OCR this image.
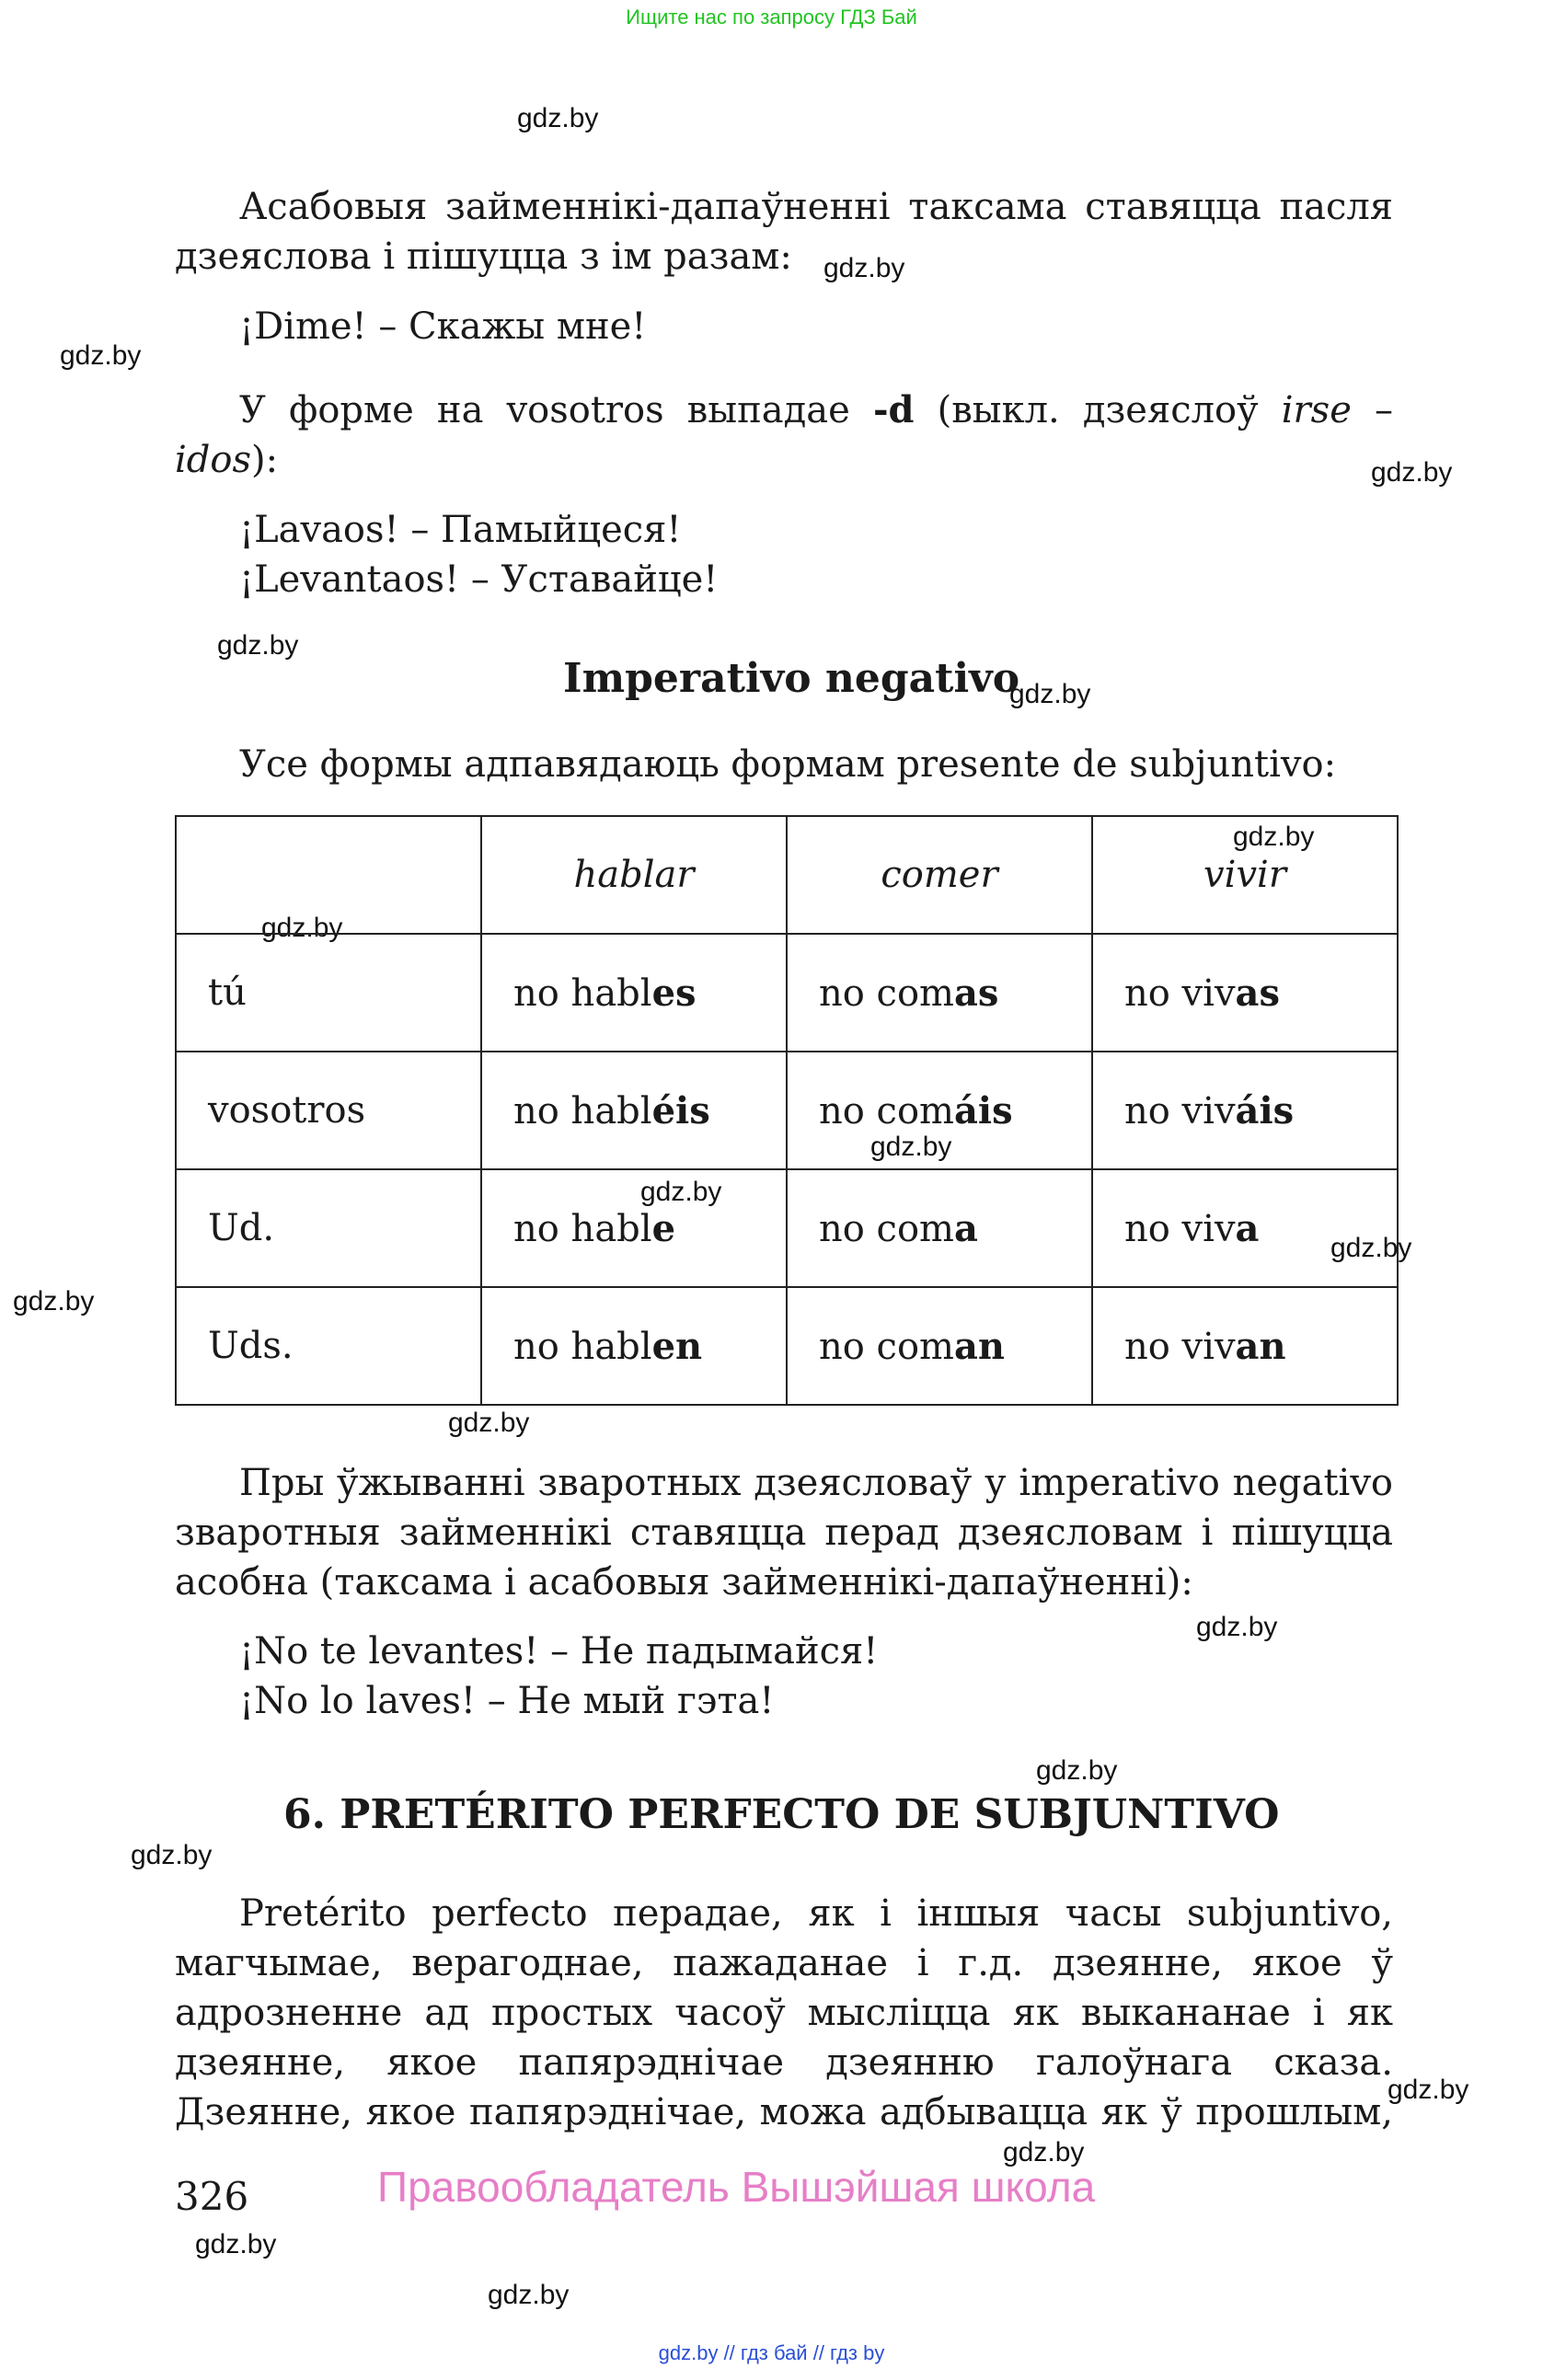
Ищите нас по запросу ГДЗ Бай
gdz.by
gdz.by
gdz.by
gdz.by
gdz.by
gdz.by
gdz.by
gdz.by
gdz.by
gdz.by
gdz.by
gdz.by
gdz.by
gdz.by
gdz.by
gdz.by
gdz.by
gdz.by
gdz.by
gdz.by
Асабовыя займеннікі-дапаўненні таксама ставяцца пасля дзеяслова і пішуцца з ім разам:
¡Dime! – Скажы мне!
У форме на vosotros выпадае -d (выкл. дзеяслоў irse – idos):
¡Lavaos! – Памыйцеся!
¡Levantaos! – Уставайце!
Imperativo negativo
Усе формы адпавядаюць формам presente de subjuntivo:
	hablar	comer	vivir
tú	no hables	no comas	no vivas
vosotros	no habléis	no comáis	no viváis
Ud.	no hable	no coma	no viva
Uds.	no hablen	no coman	no vivan
Пры ўжыванні зваротных дзеясловаў у imperativo negativo зваротныя займеннікі ставяцца перад дзеясловам і пішуцца асобна (таксама і асабовыя займеннікі-дапаўненні):
¡No te levantes! – Не падымайся!
¡No lo laves! – Не мый гэта!
6. PRETÉRITO PERFECTO DE SUBJUNTIVO
Pretérito perfecto перадае, як і іншыя часы subjuntivo, магчымае, верагоднае, пажаданае і г.д. дзеянне, якое ў адрозненне ад простых часоў мысліцца як выкананае і як дзеянне, якое папярэднічае дзеянню галоўнага сказа. Дзеянне, якое папярэднічае, можа адбывацца як ў прошлым,
326	Правообладатель Вышэйшая школа
gdz.by // гдз бай // гдз by
